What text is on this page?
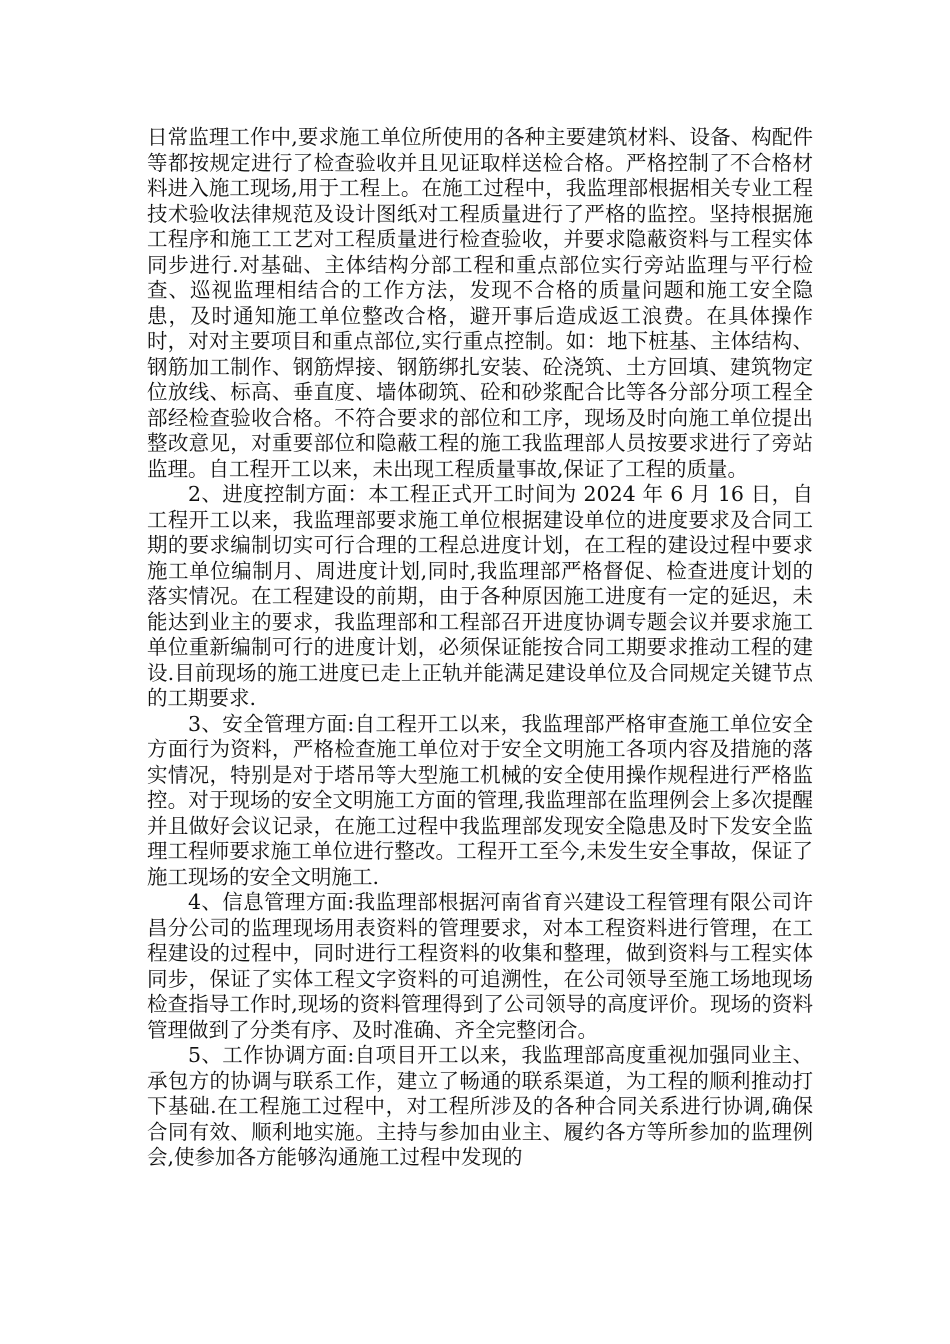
日常监理工作中,要求施工单位所使用的各种主要建筑材料、设备、构配件等都按规定进行了检查验收并且见证取样送检合格。严格控制了不合格材料进入施工现场,用于工程上。在施工过程中，我监理部根据相关专业工程技术验收法律规范及设计图纸对工程质量进行了严格的监控。坚持根据施工程序和施工工艺对工程质量进行检查验收，并要求隐蔽资料与工程实体同步进行.对基础、主体结构分部工程和重点部位实行旁站监理与平行检查、巡视监理相结合的工作方法，发现不合格的质量问题和施工安全隐患，及时通知施工单位整改合格，避开事后造成返工浪费。在具体操作时，对对主要项目和重点部位,实行重点控制。如：地下桩基、主体结构、钢筋加工制作、钢筋焊接、钢筋绑扎安装、砼浇筑、土方回填、建筑物定位放线、标高、垂直度、墙体砌筑、砼和砂浆配合比等各分部分项工程全部经检查验收合格。不符合要求的部位和工序，现场及时向施工单位提出整改意见，对重要部位和隐蔽工程的施工我监理部人员按要求进行了旁站监理。自工程开工以来，未出现工程质量事故,保证了工程的质量。

2、进度控制方面：本工程正式开工时间为 2024 年 6 月 16 日，自工程开工以来，我监理部要求施工单位根据建设单位的进度要求及合同工期的要求编制切实可行合理的工程总进度计划，在工程的建设过程中要求施工单位编制月、周进度计划,同时,我监理部严格督促、检查进度计划的落实情况。在工程建设的前期，由于各种原因施工进度有一定的延迟，未能达到业主的要求，我监理部和工程部召开进度协调专题会议并要求施工单位重新编制可行的进度计划，必须保证能按合同工期要求推动工程的建设.目前现场的施工进度已走上正轨并能满足建设单位及合同规定关键节点的工期要求.

3、安全管理方面:自工程开工以来，我监理部严格审查施工单位安全方面行为资料，严格检查施工单位对于安全文明施工各项内容及措施的落实情况，特别是对于塔吊等大型施工机械的安全使用操作规程进行严格监控。对于现场的安全文明施工方面的管理,我监理部在监理例会上多次提醒并且做好会议记录，在施工过程中我监理部发现安全隐患及时下发安全监理工程师要求施工单位进行整改。工程开工至今,未发生安全事故，保证了施工现场的安全文明施工.

4、信息管理方面:我监理部根据河南省育兴建设工程管理有限公司许昌分公司的监理现场用表资料的管理要求，对本工程资料进行管理，在工程建设的过程中，同时进行工程资料的收集和整理，做到资料与工程实体同步，保证了实体工程文字资料的可追溯性，在公司领导至施工场地现场检查指导工作时,现场的资料管理得到了公司领导的高度评价。现场的资料管理做到了分类有序、及时准确、齐全完整闭合。

5、工作协调方面:自项目开工以来，我监理部高度重视加强同业主、承包方的协调与联系工作，建立了畅通的联系渠道，为工程的顺利推动打下基础.在工程施工过程中，对工程所涉及的各种合同关系进行协调,确保合同有效、顺利地实施。主持与参加由业主、履约各方等所参加的监理例会,使参加各方能够沟通施工过程中发现的
